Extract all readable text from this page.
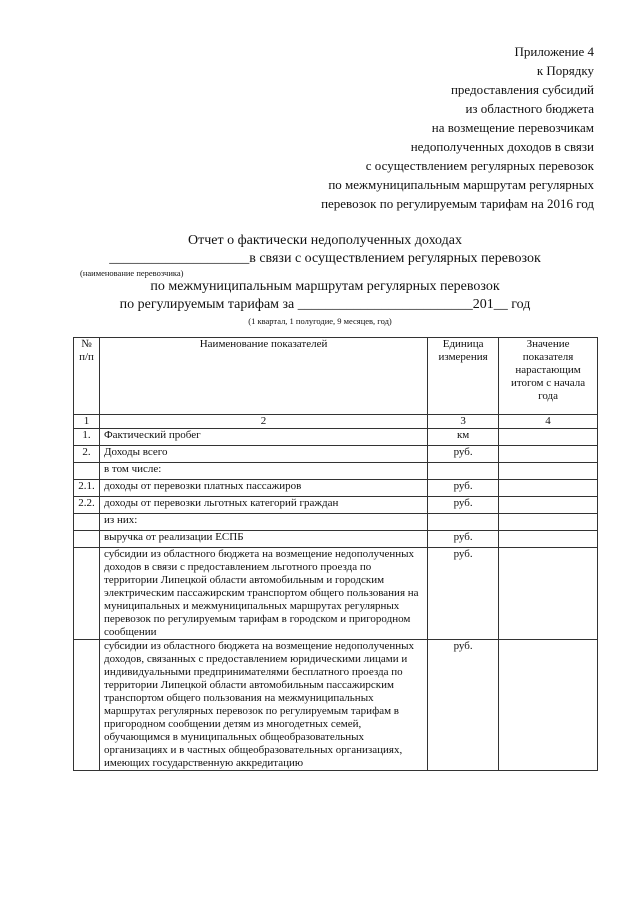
Приложение 4
к Порядку
предоставления субсидий
из областного бюджета
на возмещение перевозчикам
недополученных доходов в связи
с осуществлением регулярных перевозок
по межмуниципальным маршрутам регулярных
перевозок по регулируемым тарифам на 2016 год
Отчет о фактически недополученных доходах
____________________в связи с осуществлением регулярных перевозок
по межмуниципальным маршрутам регулярных перевозок
по регулируемым тарифам за _________________________201__ год
(наименование перевозчика)
(1 квартал, 1 полугодие, 9 месяцев, год)
№ п/п	Наименование показателей	Единица измерения	Значение показателя нарастающим итогом с начала года
1	2	3	4
1.	Фактический пробег	км	
2.	Доходы всего	руб.	
	в том числе:		
2.1.	доходы от перевозки платных пассажиров	руб.	
2.2.	доходы от перевозки льготных категорий граждан	руб.	
	из них:		
	выручка от реализации ЕСПБ	руб.	
	субсидии из областного бюджета на возмещение недополученных доходов в связи с предоставлением льготного проезда по территории Липецкой области автомобильным и городским электрическим пассажирским транспортом общего пользования на муниципальных и межмуниципальных маршрутах регулярных перевозок по регулируемым тарифам в городском и пригородном сообщении	руб.	
	субсидии из областного бюджета на возмещение недополученных доходов, связанных с предоставлением юридическими лицами и индивидуальными предпринимателями бесплатного проезда по территории Липецкой области автомобильным пассажирским транспортом общего пользования на межмуниципальных маршрутах регулярных перевозок по регулируемым тарифам в пригородном сообщении детям из многодетных семей, обучающимся в муниципальных общеобразовательных организациях и в частных общеобразовательных организациях, имеющих государственную аккредитацию	руб.	
